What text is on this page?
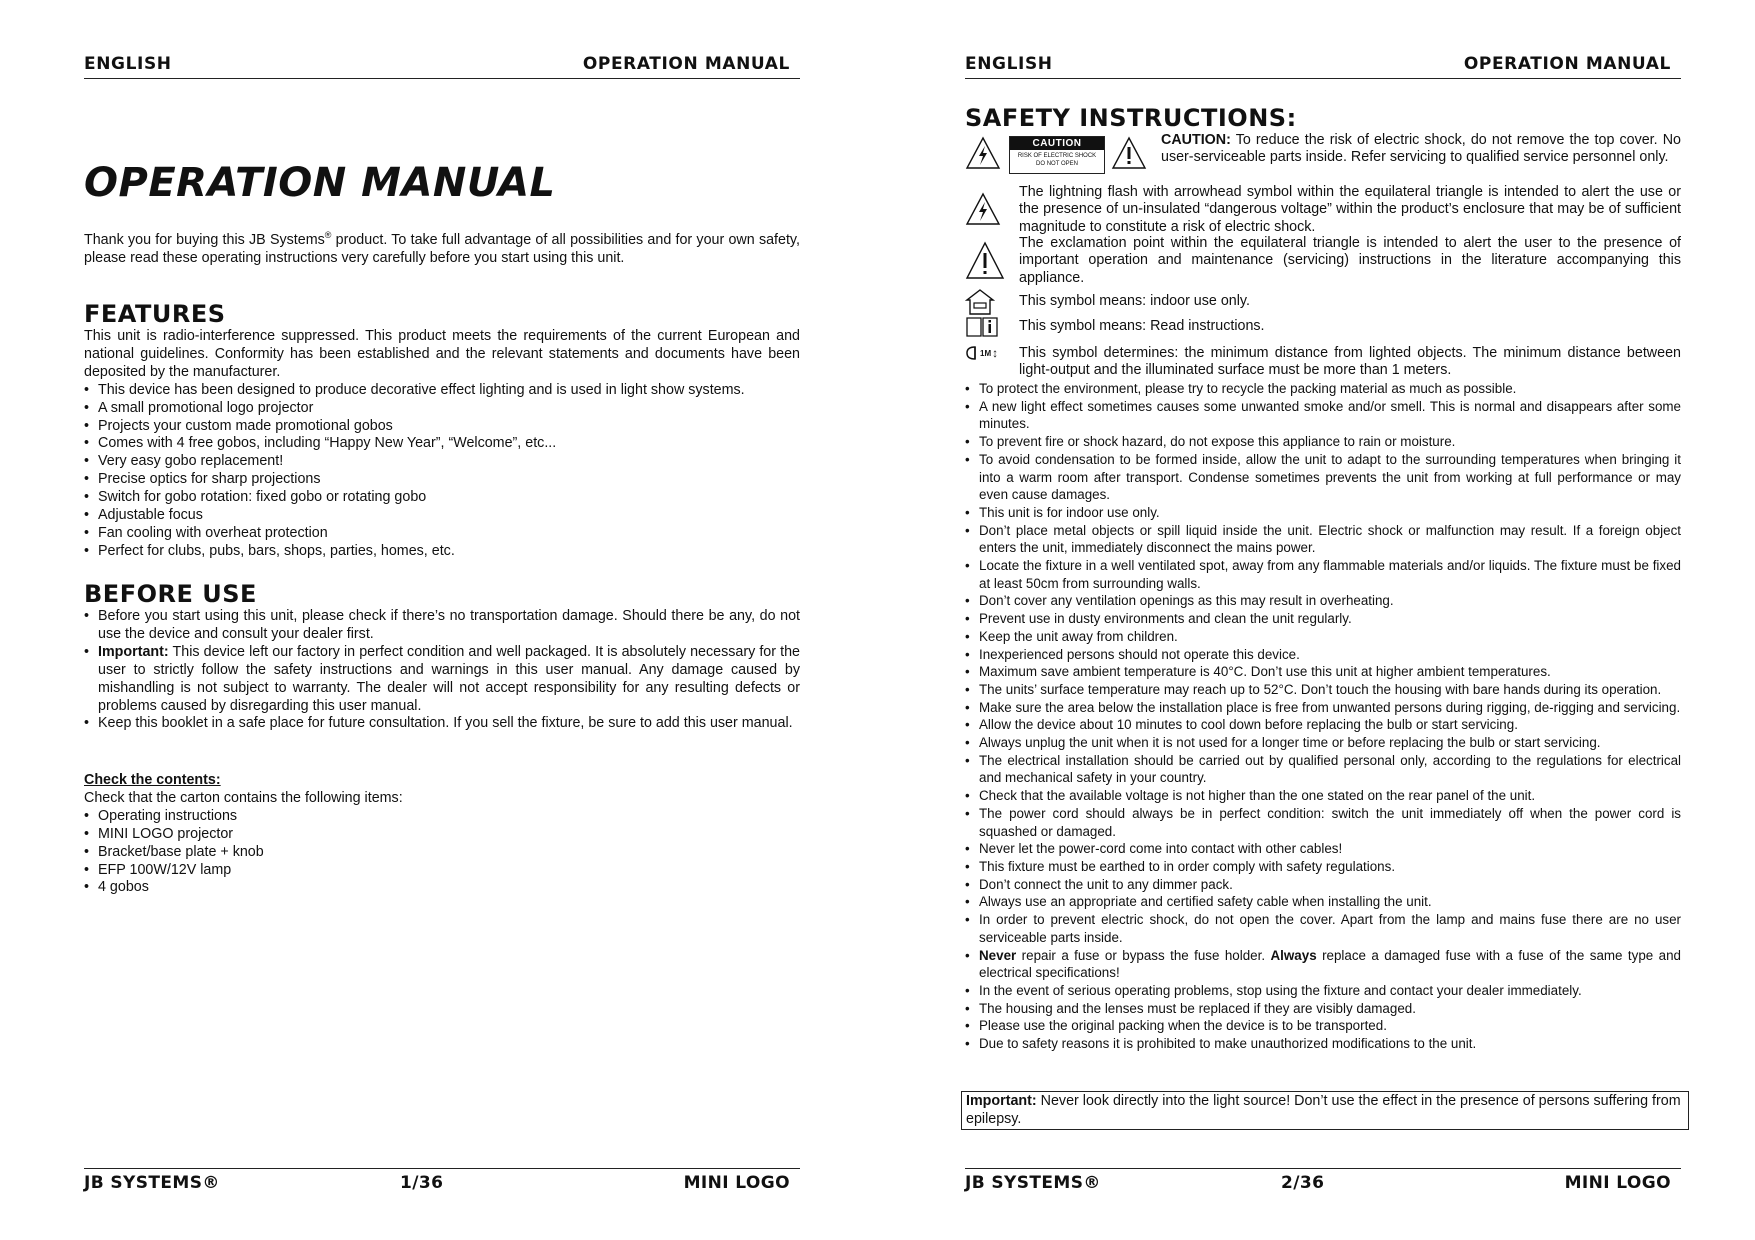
ENGLISH	OPERATION MANUAL
OPERATION MANUAL
Thank you for buying this JB Systems® product. To take full advantage of all possibilities and for your own safety, please read these operating instructions very carefully before you start using this unit.
FEATURES
This unit is radio-interference suppressed. This product meets the requirements of the current European and national guidelines. Conformity has been established and the relevant statements and documents have been deposited by the manufacturer.
• This device has been designed to produce decorative effect lighting and is used in light show systems.
• A small promotional logo projector
• Projects your custom made promotional gobos
• Comes with 4 free gobos, including “Happy New Year”, “Welcome”, etc...
• Very easy gobo replacement!
• Precise optics for sharp projections
• Switch for gobo rotation: fixed gobo or rotating gobo
• Adjustable focus
• Fan cooling with overheat protection
• Perfect for clubs, pubs, bars, shops, parties, homes, etc.
BEFORE USE
• Before you start using this unit, please check if there’s no transportation damage. Should there be any, do not use the device and consult your dealer first.
• Important: This device left our factory in perfect condition and well packaged. It is absolutely necessary for the user to strictly follow the safety instructions and warnings in this user manual. Any damage caused by mishandling is not subject to warranty. The dealer will not accept responsibility for any resulting defects or problems caused by disregarding this user manual.
• Keep this booklet in a safe place for future consultation. If you sell the fixture, be sure to add this user manual.
Check the contents:
Check that the carton contains the following items:
• Operating instructions
• MINI LOGO projector
• Bracket/base plate + knob
• EFP 100W/12V lamp
• 4 gobos
JB SYSTEMS®	1/36	MINI LOGO
ENGLISH	OPERATION MANUAL
SAFETY INSTRUCTIONS:
CAUTION
RISK OF ELECTRIC SHOCK
DO NOT OPEN
CAUTION: To reduce the risk of electric shock, do not remove the top cover. No user-serviceable parts inside. Refer servicing to qualified service personnel only.
The lightning flash with arrowhead symbol within the equilateral triangle is intended to alert the use or the presence of un-insulated “dangerous voltage” within the product’s enclosure that may be of sufficient magnitude to constitute a risk of electric shock.
The exclamation point within the equilateral triangle is intended to alert the user to the presence of important operation and maintenance (servicing) instructions in the literature accompanying this appliance.
This symbol means: indoor use only.
This symbol means: Read instructions.
1M ↕ This symbol determines: the minimum distance from lighted objects. The minimum distance between light-output and the illuminated surface must be more than 1 meters.
• To protect the environment, please try to recycle the packing material as much as possible.
• A new light effect sometimes causes some unwanted smoke and/or smell. This is normal and disappears after some minutes.
• To prevent fire or shock hazard, do not expose this appliance to rain or moisture.
• To avoid condensation to be formed inside, allow the unit to adapt to the surrounding temperatures when bringing it into a warm room after transport. Condense sometimes prevents the unit from working at full performance or may even cause damages.
• This unit is for indoor use only.
• Don’t place metal objects or spill liquid inside the unit. Electric shock or malfunction may result. If a foreign object enters the unit, immediately disconnect the mains power.
• Locate the fixture in a well ventilated spot, away from any flammable materials and/or liquids. The fixture must be fixed at least 50cm from surrounding walls.
• Don’t cover any ventilation openings as this may result in overheating.
• Prevent use in dusty environments and clean the unit regularly.
• Keep the unit away from children.
• Inexperienced persons should not operate this device.
• Maximum save ambient temperature is 40°C. Don’t use this unit at higher ambient temperatures.
• The units’ surface temperature may reach up to 52°C. Don’t touch the housing with bare hands during its operation.
• Make sure the area below the installation place is free from unwanted persons during rigging, de-rigging and servicing.
• Allow the device about 10 minutes to cool down before replacing the bulb or start servicing.
• Always unplug the unit when it is not used for a longer time or before replacing the bulb or start servicing.
• The electrical installation should be carried out by qualified personal only, according to the regulations for electrical and mechanical safety in your country.
• Check that the available voltage is not higher than the one stated on the rear panel of the unit.
• The power cord should always be in perfect condition: switch the unit immediately off when the power cord is squashed or damaged.
• Never let the power-cord come into contact with other cables!
• This fixture must be earthed to in order comply with safety regulations.
• Don’t connect the unit to any dimmer pack.
• Always use an appropriate and certified safety cable when installing the unit.
• In order to prevent electric shock, do not open the cover. Apart from the lamp and mains fuse there are no user serviceable parts inside.
• Never repair a fuse or bypass the fuse holder. Always replace a damaged fuse with a fuse of the same type and electrical specifications!
• In the event of serious operating problems, stop using the fixture and contact your dealer immediately.
• The housing and the lenses must be replaced if they are visibly damaged.
• Please use the original packing when the device is to be transported.
• Due to safety reasons it is prohibited to make unauthorized modifications to the unit.
Important: Never look directly into the light source! Don’t use the effect in the presence of persons suffering from epilepsy.
JB SYSTEMS®	2/36	MINI LOGO
